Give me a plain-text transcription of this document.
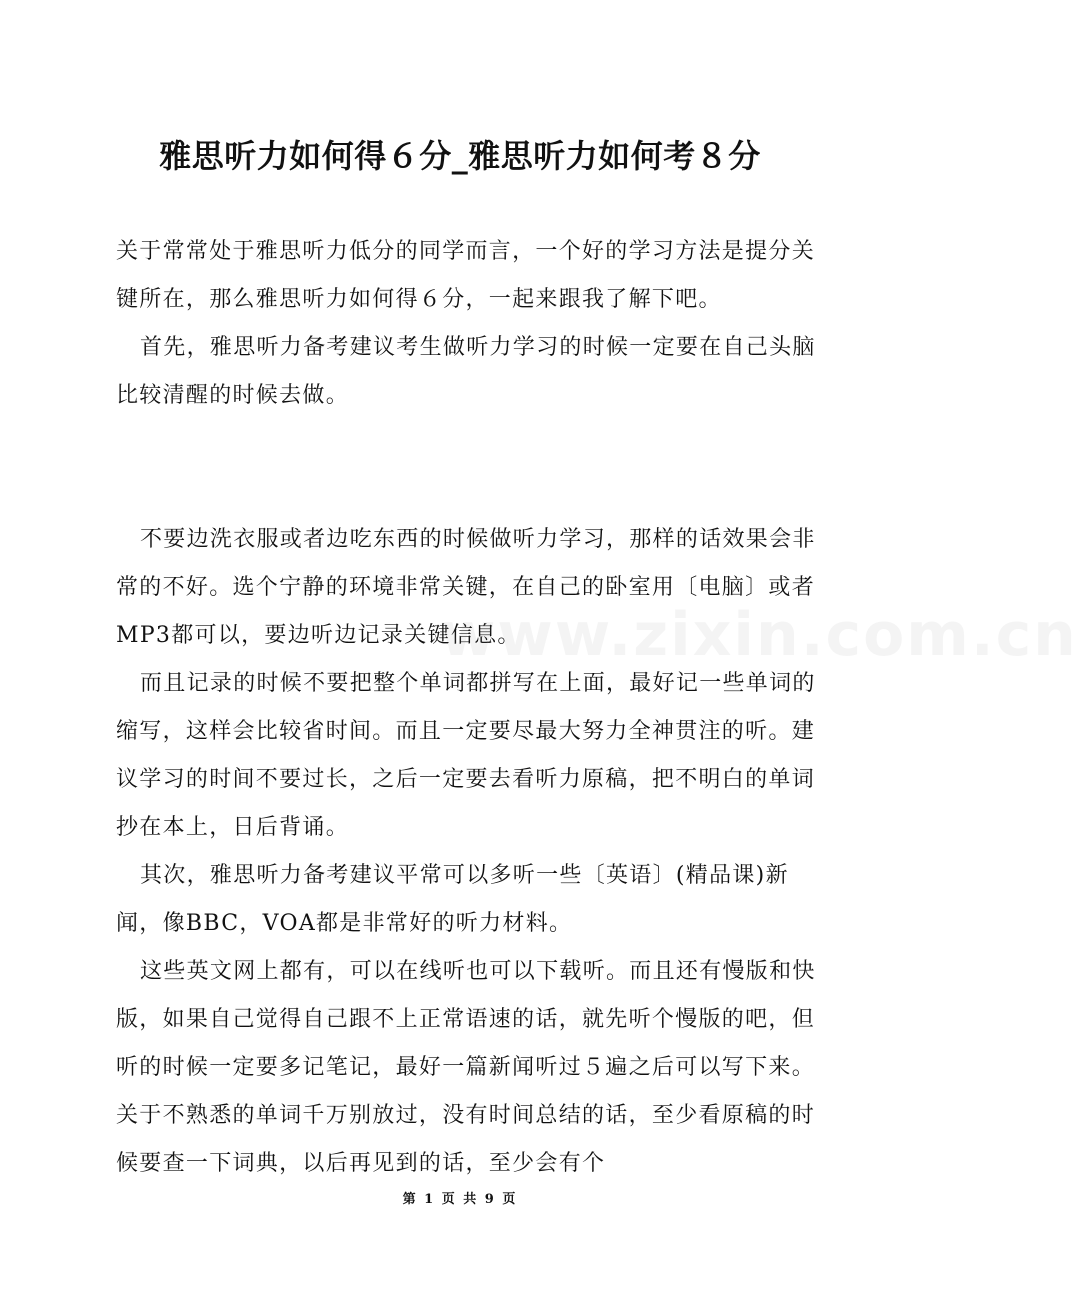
雅思听力如何得６分_雅思听力如何考８分

关于常常处于雅思听力低分的同学而言，一个好的学习方法是提分关键所在，那么雅思听力如何得６分，一起来跟我了解下吧。

首先，雅思听力备考建议考生做听力学习的时候一定要在自己头脑比较清醒的时候去做。

不要边洗衣服或者边吃东西的时候做听力学习，那样的话效果会非常的不好。选个宁静的环境非常关键，在自己的卧室用〔电脑〕或者MP3都可以，要边听边记录关键信息。

而且记录的时候不要把整个单词都拼写在上面，最好记一些单词的缩写，这样会比较省时间。而且一定要尽最大努力全神贯注的听。建议学习的时间不要过长，之后一定要去看听力原稿，把不明白的单词抄在本上，日后背诵。

其次，雅思听力备考建议平常可以多听一些〔英语〕(精品课)新闻，像BBC，VOA都是非常好的听力材料。

这些英文网上都有，可以在线听也可以下载听。而且还有慢版和快版，如果自己觉得自己跟不上正常语速的话，就先听个慢版的吧，但听的时候一定要多记笔记，最好一篇新闻听过５遍之后可以写下来。关于不熟悉的单词千万别放过，没有时间总结的话，至少看原稿的时候要查一下词典，以后再见到的话，至少会有个

www.zixin.com.cn
第 1 页 共 9 页
